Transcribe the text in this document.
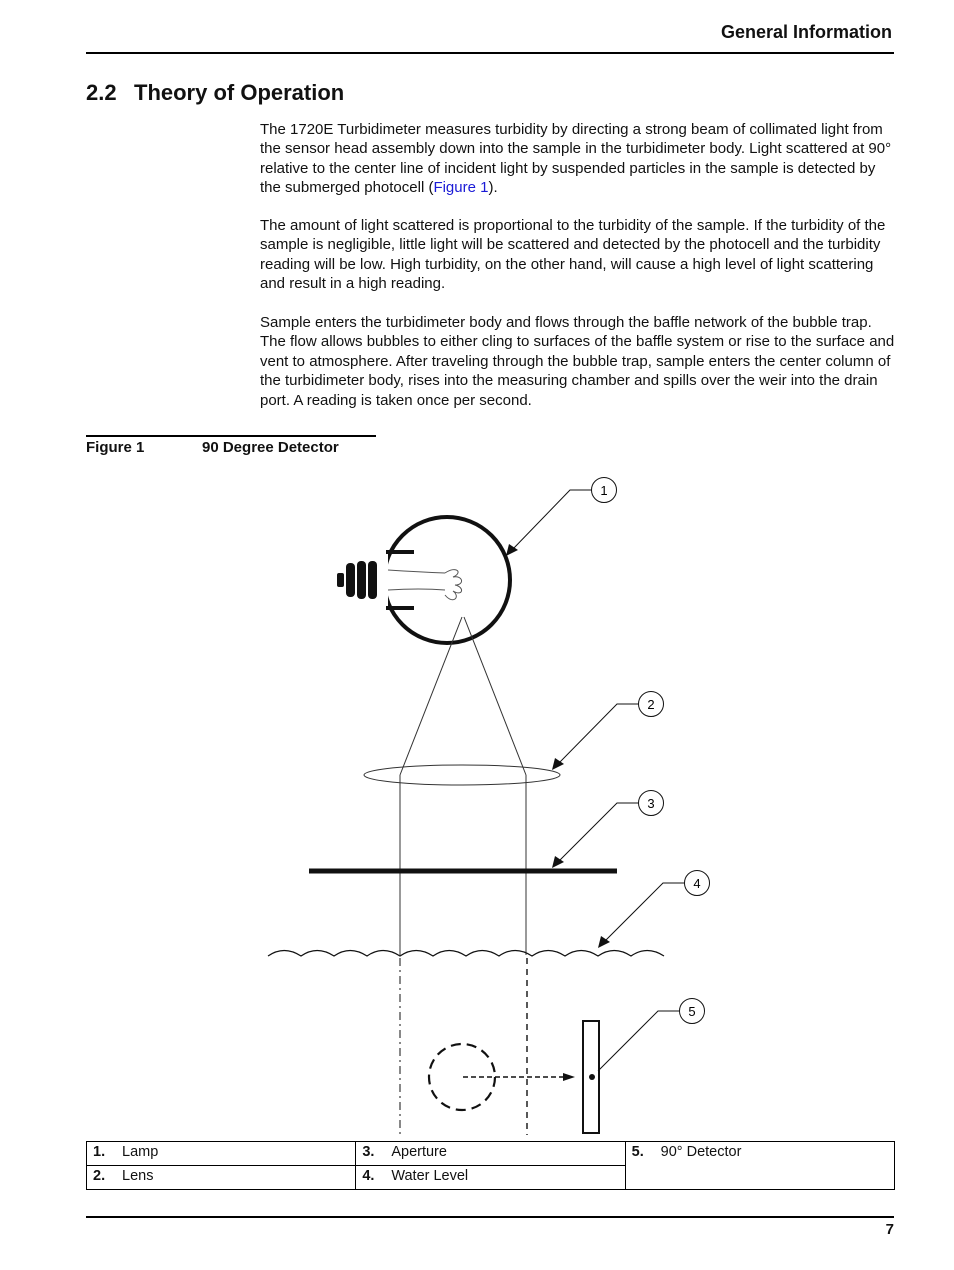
General Information
2.2 Theory of Operation

The 1720E Turbidimeter measures turbidity by directing a strong beam of collimated light from the sensor head assembly down into the sample in the turbidimeter body. Light scattered at 90° relative to the center line of incident light by suspended particles in the sample is detected by the submerged photocell (Figure 1).

The amount of light scattered is proportional to the turbidity of the sample. If the turbidity of the sample is negligible, little light will be scattered and detected by the photocell and the turbidity reading will be low. High turbidity, on the other hand, will cause a high level of light scattering and result in a high reading.

Sample enters the turbidimeter body and flows through the baffle network of the bubble trap. The flow allows bubbles to either cling to surfaces of the baffle system or rise to the surface and vent to atmosphere. After traveling through the bubble trap, sample enters the center column of the turbidimeter body, rises into the measuring chamber and spills over the weir into the drain port. A reading is taken once per second.

Figure 1	90 Degree Detector
1
2
3
4
5
1. Lamp	3. Aperture	5. 90° Detector
2. Lens	4. Water Level	
7
